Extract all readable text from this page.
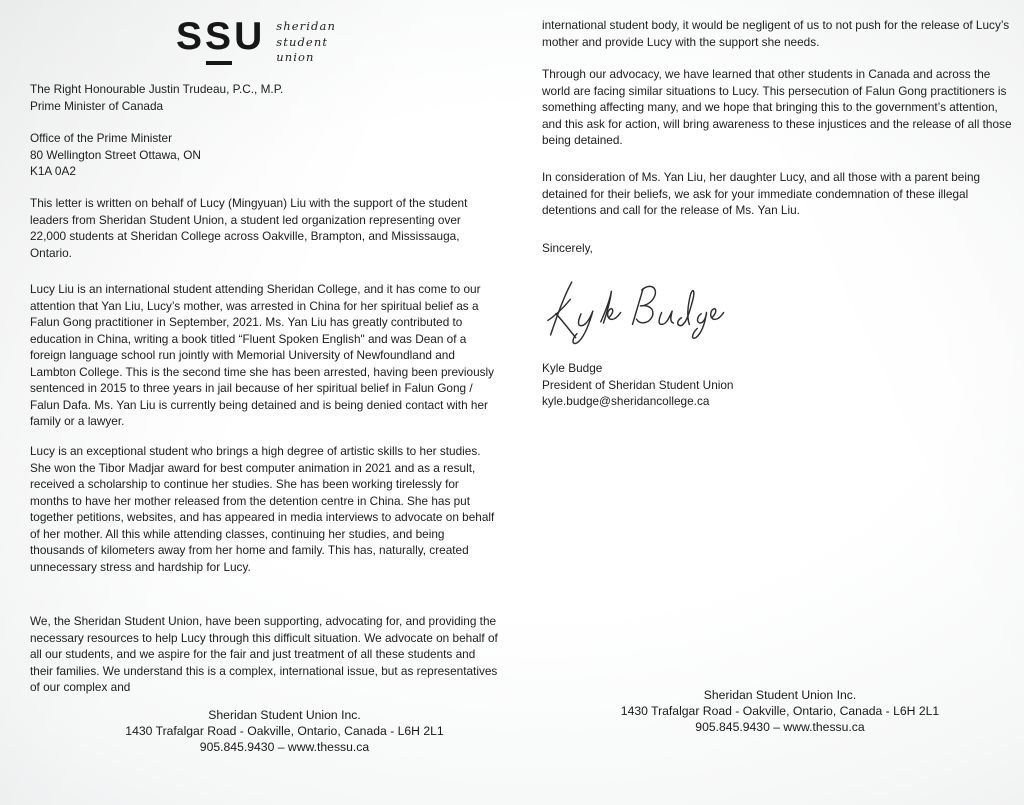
SSU sheridan
student
union

The Right Honourable Justin Trudeau, P.C., M.P.

Prime Minister of Canada

Office of the Prime Minister

80 Wellington Street Ottawa, ON

K1A 0A2

This letter is written on behalf of Lucy (Mingyuan) Liu with the support of the student leaders from Sheridan Student Union, a student led organization representing over 22,000 students at Sheridan College across Oakville, Brampton, and Mississauga, Ontario.

Lucy Liu is an international student attending Sheridan College, and it has come to our attention that Yan Liu, Lucy’s mother, was arrested in China for her spiritual belief as a Falun Gong practitioner in September, 2021. Ms. Yan Liu has greatly contributed to education in China, writing a book titled “Fluent Spoken English" and was Dean of a foreign language school run jointly with Memorial University of Newfoundland and Lambton College. This is the second time she has been arrested, having been previously sentenced in 2015 to three years in jail because of her spiritual belief in Falun Gong / Falun Dafa. Ms. Yan Liu is currently being detained and is being denied contact with her family or a lawyer.

Lucy is an exceptional student who brings a high degree of artistic skills to her studies. She won the Tibor Madjar award for best computer animation in 2021 and as a result, received a scholarship to continue her studies. She has been working tirelessly for months to have her mother released from the detention centre in China. She has put together petitions, websites, and has appeared in media interviews to advocate on behalf of her mother. All this while attending classes, continuing her studies, and being thousands of kilometers away from her home and family. This has, naturally, created unnecessary stress and hardship for Lucy.

We, the Sheridan Student Union, have been supporting, advocating for, and providing the necessary resources to help Lucy through this difficult situation. We advocate on behalf of all our students, and we aspire for the fair and just treatment of all these students and their families. We understand this is a complex, international issue, but as representatives of our complex and

Sheridan Student Union Inc.
1430 Trafalgar Road - Oakville, Ontario, Canada - L6H 2L1
905.845.9430 – www.thessu.ca

international student body, it would be negligent of us to not push for the release of Lucy’s mother and provide Lucy with the support she needs.

Through our advocacy, we have learned that other students in Canada and across the world are facing similar situations to Lucy. This persecution of Falun Gong practitioners is something affecting many, and we hope that bringing this to the government’s attention, and this ask for action, will bring awareness to these injustices and the release of all those being detained.

In consideration of Ms. Yan Liu, her daughter Lucy, and all those with a parent being detained for their beliefs, we ask for your immediate condemnation of these illegal detentions and call for the release of Ms. Yan Liu.

Sincerely,

Kyle Budge

President of Sheridan Student Union

kyle.budge@sheridancollege.ca

Sheridan Student Union Inc.
1430 Trafalgar Road - Oakville, Ontario, Canada - L6H 2L1
905.845.9430 – www.thessu.ca
